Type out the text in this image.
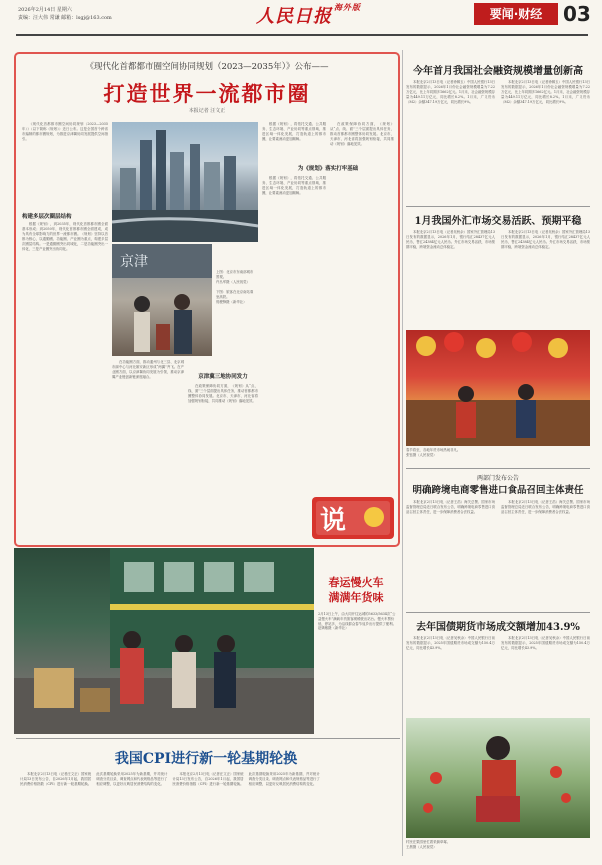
2026年2月14日 星期六
责编：汪大伟 常谦 邮箱：lsgj@163.com	人民日报 $^{海外版}$	要闻·财经	03
《现代化首都都市圈空间协同规划（2023—2035年）》公布——
打造世界一流都市圈
本报记者 汪文正

《现代化首都都市圈空间协同规划（2023—2035年）》（以下简称《规划》）近日公布。这是全国首个跨省市编制的都市圈规划，为推进京津冀协同发展提供空间指引。

构建多层次圈层结构

根据《规划》，到2035年，现代化首都都市圈全面基本形成；到2050年，现代化首都都市圈全面建成，成为具有全球影响力的世界一流都市圈。《规划》坚持以首都为核心，以通勤圈、功能圈、产业圈为重点，构建多层次圈层结构。一是通勤圈突出同城化，二是功能圈突出一体化，三是产业圈突出协同化。

京津
上图：北京市东南部城市景观。
许丛军摄（人民视觉）
下图：旅客在北京南站乘坐高铁。
郭俊锋摄（新华社）

在功能圈方面，推动通州与北三县、北京城市副中心与河北雄安新区形成“两翼”齐飞。在产业圈方面，以京津冀协同发展为引领，推动京津冀产业链创新链深度融合。	京津冀三地协同发力

在政策保障协同方面，《规划》从“点、线、面”三个层面提出具体任务，推动首都都市圈整体协同发展。北京市、天津市、河北省将加强规划衔接，共同推动《规划》落地见效。

根据《规划》，将依托交通、公共服务、生态环境、产业协同等重点领域，推进区域一体化发展，打造轨道上的都市圈，让要素流动更加顺畅。

为《规划》落实打牢基础

根据《规划》，将依托交通、公共服务、生态环境、产业协同等重点领域，推进区域一体化发展，打造轨道上的都市圈，让要素流动更加顺畅。

在政策保障协同方面，《规划》从“点、线、面”三个层面提出具体任务，推动首都都市圈整体协同发展。北京市、天津市、河北省将加强规划衔接，共同推动《规划》落地见效。

说
春运慢火车
满满年货味
2月13日上午，由大同开往运城的5633/5634次“公益慢火车”满载年货旅客缓缓驶出站台。慢火车票价低、停站多，为沿线群众春节返乡出行提供了便利。
赵嫣敏摄（新华社）
我国CPI进行新一轮基期轮换

本报北京2月13日电（记者汪文正）国家统计局13日发布公告，自2026年1月起，我国居民消费价格指数（CPI）进行新一轮基期轮换。此次基期轮换采用2025年为新基期，并对统计调查分类目录、调查网点和代表规格品等进行了相应调整，以更好反映居民消费结构的变化。

本报北京2月13日电（记者汪文正）国家统计局13日发布公告，自2026年1月起，我国居民消费价格指数（CPI）进行新一轮基期轮换。此次基期轮换采用2025年为新基期，并对统计调查分类目录、调查网点和代表规格品等进行了相应调整，以更好反映居民消费结构的变化。

今年首月我国社会融资规模增量创新高

本报北京2月13日电（记者徐佩玉）中国人民银行13日发布的数据显示，2026年1月份社会融资规模增量为7.22万亿元，比上年同期多1662亿元。1月末，社会融资规模存量为449.11万亿元，同比增长8.2%。1月末，广义货币（M2）余额347.19万亿元，同比增长9%。

本报北京2月13日电（记者徐佩玉）中国人民银行13日发布的数据显示，2026年1月份社会融资规模增量为7.22万亿元，比上年同期多1662亿元。1月末，社会融资规模存量为449.11万亿元，同比增长8.2%。1月末，广义货币（M2）余额347.19万亿元，同比增长9%。

1月我国外汇市场交易活跃、预期平稳

本报北京2月13日电（记者吴秋余）国家外汇管理局13日发布的数据显示，2026年1月，银行结汇28437亿元人民币，售汇24384亿元人民币。外汇市场交易活跃，市场预期平稳，跨境资金流动总体稳定。

本报北京2月13日电（记者吴秋余）国家外汇管理局13日发布的数据显示，2026年1月，银行结汇28437亿元人民币，售汇24384亿元人民币。外汇市场交易活跃，市场预期平稳，跨境资金流动总体稳定。

春节将至，各地年货市场热闹非凡。
张钰摄（人民视觉）
两部门发布公告
明确跨境电商零售进口食品召回主体责任

本报北京2月13日电（记者王浩）海关总署、国家市场监督管理总局近日联合发布公告，明确跨境电商零售进口食品召回主体责任，进一步保障消费者合法权益。

本报北京2月13日电（记者王浩）海关总署、国家市场监督管理总局近日联合发布公告，明确跨境电商零售进口食品召回主体责任，进一步保障消费者合法权益。

去年国债期货市场成交额增加43.9%

本报北京2月13日电（记者吴秋余）中国人民银行日前发布的数据显示，2025年国债期货市场成交额为150.4万亿元，同比增长43.9%。

本报北京2月13日电（记者吴秋余）中国人民银行日前发布的数据显示，2025年国债期货市场成交额为150.4万亿元，同比增长43.9%。

村民在果园里忙着采摘草莓。
王晨摄（人民视觉）
